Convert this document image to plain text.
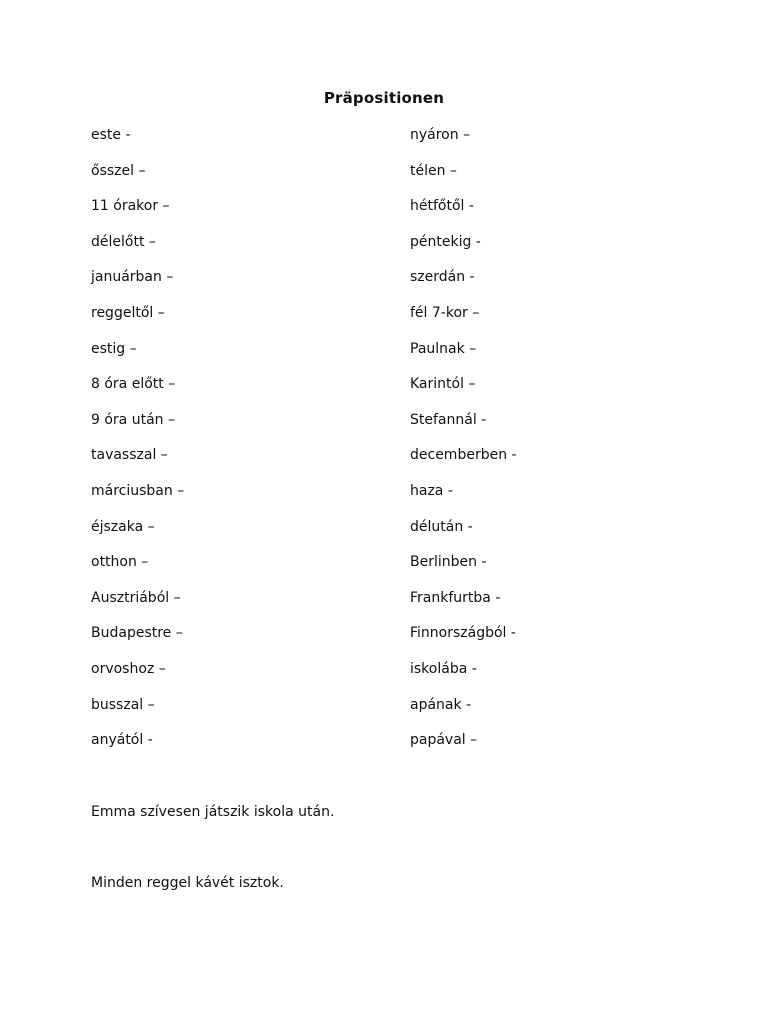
Präpositionen
este -	nyáron –
ősszel –	télen –
11 órakor –	hétfőtől -
délelőtt –	péntekig -
januárban –	szerdán -
reggeltől –	fél 7-kor –
estig –	Paulnak –
8 óra előtt –	Karintól –
9 óra után –	Stefannál -
tavasszal –	decemberben -
márciusban –	haza -
éjszaka –	délután -
otthon –	Berlinben -
Ausztriából –	Frankfurtba -
Budapestre –	Finnországból -
orvoshoz –	iskolába -
busszal –	apának -
anyától -	papával –
Emma szívesen játszik iskola után.
Minden reggel kávét isztok.
